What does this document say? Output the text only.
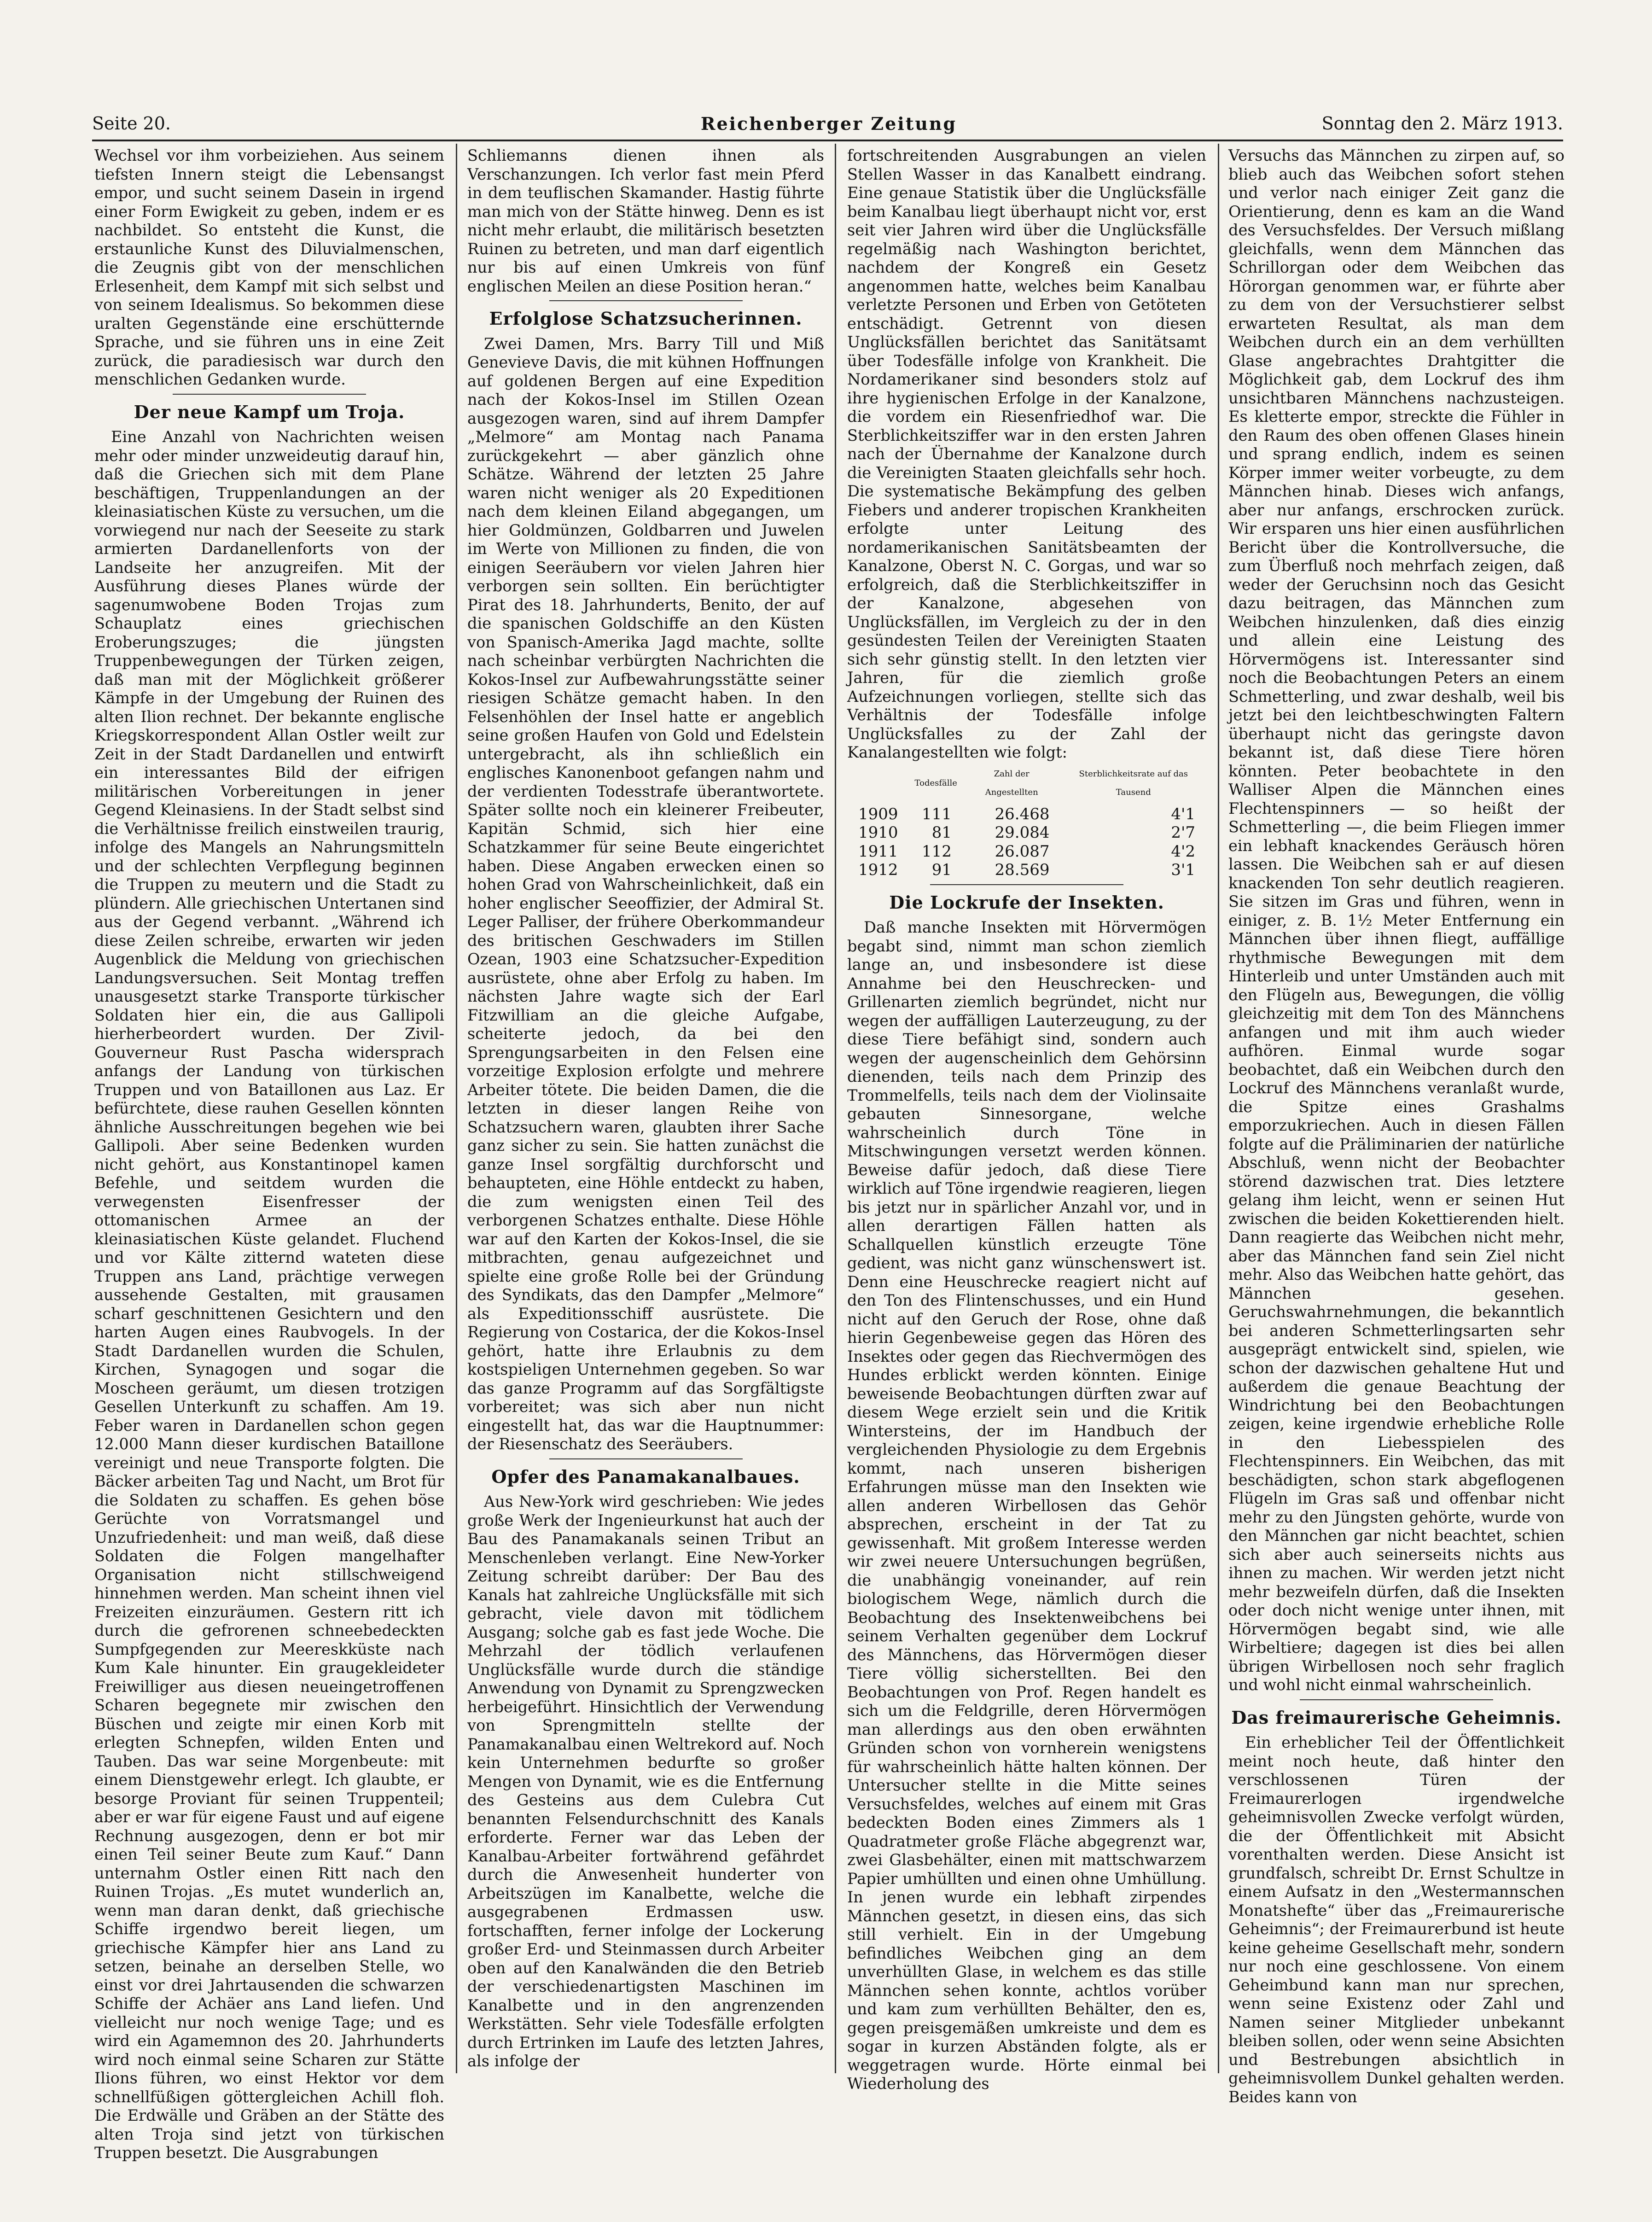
Seite 20.	Reichenberger Zeitung	Sonntag den 2. März 1913.

Wechsel vor ihm vorbeiziehen. Aus seinem tiefsten Innern steigt die Lebensangst empor, und sucht seinem Dasein in irgend einer Form Ewigkeit zu geben, indem er es nachbildet. So entsteht die Kunst, die erstaunliche Kunst des Diluvialmenschen, die Zeugnis gibt von der menschlichen Erlesenheit, dem Kampf mit sich selbst und von seinem Idealismus. So bekommen diese uralten Gegenstände eine erschütternde Sprache, und sie führen uns in eine Zeit zurück, die paradiesisch war durch den menschlichen Gedanken wurde.

Der neue Kampf um Troja.

Eine Anzahl von Nachrichten weisen mehr oder minder unzweideutig darauf hin, daß die Griechen sich mit dem Plane beschäftigen, Truppenlandungen an der kleinasiatischen Küste zu versuchen, um die vorwiegend nur nach der Seeseite zu stark armierten Dardanellenforts von der Landseite her anzugreifen. Mit der Ausführung dieses Planes würde der sagenumwobene Boden Trojas zum Schauplatz eines griechischen Eroberungszuges; die jüngsten Truppenbewegungen der Türken zeigen, daß man mit der Möglichkeit größerer Kämpfe in der Umgebung der Ruinen des alten Ilion rechnet. Der bekannte englische Kriegskorrespondent Allan Ostler weilt zur Zeit in der Stadt Dardanellen und entwirft ein interessantes Bild der eifrigen militärischen Vorbereitungen in jener Gegend Kleinasiens. In der Stadt selbst sind die Verhältnisse freilich einstweilen traurig, infolge des Mangels an Nahrungsmitteln und der schlechten Verpflegung beginnen die Truppen zu meutern und die Stadt zu plündern. Alle griechischen Untertanen sind aus der Gegend verbannt. „Während ich diese Zeilen schreibe, erwarten wir jeden Augenblick die Meldung von griechischen Landungsversuchen. Seit Montag treffen unausgesetzt starke Transporte türkischer Soldaten hier ein, die aus Gallipoli hierherbeordert wurden. Der Zivil-Gouverneur Rust Pascha widersprach anfangs der Landung von türkischen Truppen und von Bataillonen aus Laz. Er befürchtete, diese rauhen Gesellen könnten ähnliche Ausschreitungen begehen wie bei Gallipoli. Aber seine Bedenken wurden nicht gehört, aus Konstantinopel kamen Befehle, und seitdem wurden die verwegensten Eisenfresser der ottomanischen Armee an der kleinasiatischen Küste gelandet. Fluchend und vor Kälte zitternd wateten diese Truppen ans Land, prächtige verwegen aussehende Gestalten, mit grausamen scharf geschnittenen Gesichtern und den harten Augen eines Raubvogels. In der Stadt Dardanellen wurden die Schulen, Kirchen, Synagogen und sogar die Moscheen geräumt, um diesen trotzigen Gesellen Unterkunft zu schaffen. Am 19. Feber waren in Dardanellen schon gegen 12.000 Mann dieser kurdischen Bataillone vereinigt und neue Transporte folgten. Die Bäcker arbeiten Tag und Nacht, um Brot für die Soldaten zu schaffen. Es gehen böse Gerüchte von Vorratsmangel und Unzufriedenheit: und man weiß, daß diese Soldaten die Folgen mangelhafter Organisation nicht stillschweigend hinnehmen werden. Man scheint ihnen viel Freizeiten einzuräumen. Gestern ritt ich durch die gefrorenen schneebedeckten Sumpfgegenden zur Meereskküste nach Kum Kale hinunter. Ein graugekleideter Freiwilliger aus diesen neueingetroffenen Scharen begegnete mir zwischen den Büschen und zeigte mir einen Korb mit erlegten Schnepfen, wilden Enten und Tauben. Das war seine Morgenbeute: mit einem Dienstgewehr erlegt. Ich glaubte, er besorge Proviant für seinen Truppenteil; aber er war für eigene Faust und auf eigene Rechnung ausgezogen, denn er bot mir einen Teil seiner Beute zum Kauf.“ Dann unternahm Ostler einen Ritt nach den Ruinen Trojas. „Es mutet wunderlich an, wenn man daran denkt, daß griechische Schiffe irgendwo bereit liegen, um griechische Kämpfer hier ans Land zu setzen, beinahe an derselben Stelle, wo einst vor drei Jahrtausenden die schwarzen Schiffe der Achäer ans Land liefen. Und vielleicht nur noch wenige Tage; und es wird ein Agamemnon des 20. Jahrhunderts wird noch einmal seine Scharen zur Stätte Ilions führen, wo einst Hektor vor dem schnellfüßigen göttergleichen Achill floh. Die Erdwälle und Gräben an der Stätte des alten Troja sind jetzt von türkischen Truppen besetzt. Die Ausgrabungen

Schliemanns dienen ihnen als Verschanzungen. Ich verlor fast mein Pferd in dem teuflischen Skamander. Hastig führte man mich von der Stätte hinweg. Denn es ist nicht mehr erlaubt, die militärisch besetzten Ruinen zu betreten, und man darf eigentlich nur bis auf einen Umkreis von fünf englischen Meilen an diese Position heran.“

Erfolglose Schatzsucherinnen.

Zwei Damen, Mrs. Barry Till und Miß Genevieve Davis, die mit kühnen Hoffnungen auf goldenen Bergen auf eine Expedition nach der Kokos-Insel im Stillen Ozean ausgezogen waren, sind auf ihrem Dampfer „Melmore“ am Montag nach Panama zurückgekehrt — aber gänzlich ohne Schätze. Während der letzten 25 Jahre waren nicht weniger als 20 Expeditionen nach dem kleinen Eiland abgegangen, um hier Goldmünzen, Goldbarren und Juwelen im Werte von Millionen zu finden, die von einigen Seeräubern vor vielen Jahren hier verborgen sein sollten. Ein berüchtigter Pirat des 18. Jahrhunderts, Benito, der auf die spanischen Goldschiffe an den Küsten von Spanisch-Amerika Jagd machte, sollte nach scheinbar verbürgten Nachrichten die Kokos-Insel zur Aufbewahrungsstätte seiner riesigen Schätze gemacht haben. In den Felsenhöhlen der Insel hatte er angeblich seine großen Haufen von Gold und Edelstein untergebracht, als ihn schließlich ein englisches Kanonenboot gefangen nahm und der verdienten Todesstrafe überantwortete. Später sollte noch ein kleinerer Freibeuter, Kapitän Schmid, sich hier eine Schatzkammer für seine Beute eingerichtet haben. Diese Angaben erwecken einen so hohen Grad von Wahrscheinlichkeit, daß ein hoher englischer Seeoffizier, der Admiral St. Leger Palliser, der frühere Oberkommandeur des britischen Geschwaders im Stillen Ozean, 1903 eine Schatzsucher-Expedition ausrüstete, ohne aber Erfolg zu haben. Im nächsten Jahre wagte sich der Earl Fitzwilliam an die gleiche Aufgabe, scheiterte jedoch, da bei den Sprengungsarbeiten in den Felsen eine vorzeitige Explosion erfolgte und mehrere Arbeiter tötete. Die beiden Damen, die die letzten in dieser langen Reihe von Schatzsuchern waren, glaubten ihrer Sache ganz sicher zu sein. Sie hatten zunächst die ganze Insel sorgfältig durchforscht und behaupteten, eine Höhle entdeckt zu haben, die zum wenigsten einen Teil des verborgenen Schatzes enthalte. Diese Höhle war auf den Karten der Kokos-Insel, die sie mitbrachten, genau aufgezeichnet und spielte eine große Rolle bei der Gründung des Syndikats, das den Dampfer „Melmore“ als Expeditionsschiff ausrüstete. Die Regierung von Costarica, der die Kokos-Insel gehört, hatte ihre Erlaubnis zu dem kostspieligen Unternehmen gegeben. So war das ganze Programm auf das Sorgfältigste vorbereitet; was sich aber nun nicht eingestellt hat, das war die Hauptnummer: der Riesenschatz des Seeräubers.

Opfer des Panamakanalbaues.

Aus New-York wird geschrieben: Wie jedes große Werk der Ingenieurkunst hat auch der Bau des Panamakanals seinen Tribut an Menschenleben verlangt. Eine New-Yorker Zeitung schreibt darüber: Der Bau des Kanals hat zahlreiche Unglücksfälle mit sich gebracht, viele davon mit tödlichem Ausgang; solche gab es fast jede Woche. Die Mehrzahl der tödlich verlaufenen Unglücksfälle wurde durch die ständige Anwendung von Dynamit zu Sprengzwecken herbeigeführt. Hinsichtlich der Verwendung von Sprengmitteln stellte der Panamakanalbau einen Weltrekord auf. Noch kein Unternehmen bedurfte so großer Mengen von Dynamit, wie es die Entfernung des Gesteins aus dem Culebra Cut benannten Felsendurchschnitt des Kanals erforderte. Ferner war das Leben der Kanalbau-Arbeiter fortwährend gefährdet durch die Anwesenheit hunderter von Arbeitszügen im Kanalbette, welche die ausgegrabenen Erdmassen usw. fortschafften, ferner infolge der Lockerung großer Erd- und Steinmassen durch Arbeiter oben auf den Kanalwänden die den Betrieb der verschiedenartigsten Maschinen im Kanalbette und in den angrenzenden Werkstätten. Sehr viele Todesfälle erfolgten durch Ertrinken im Laufe des letzten Jahres, als infolge der

fortschreitenden Ausgrabungen an vielen Stellen Wasser in das Kanalbett eindrang. Eine genaue Statistik über die Unglücksfälle beim Kanalbau liegt überhaupt nicht vor, erst seit vier Jahren wird über die Unglücksfälle regelmäßig nach Washington berichtet, nachdem der Kongreß ein Gesetz angenommen hatte, welches beim Kanalbau verletzte Personen und Erben von Getöteten entschädigt. Getrennt von diesen Unglücksfällen berichtet das Sanitätsamt über Todesfälle infolge von Krankheit. Die Nordamerikaner sind besonders stolz auf ihre hygienischen Erfolge in der Kanalzone, die vordem ein Riesenfriedhof war. Die Sterblichkeitsziffer war in den ersten Jahren nach der Übernahme der Kanalzone durch die Vereinigten Staaten gleichfalls sehr hoch. Die systematische Bekämpfung des gelben Fiebers und anderer tropischen Krankheiten erfolgte unter Leitung des nordamerikanischen Sanitätsbeamten der Kanalzone, Oberst N. C. Gorgas, und war so erfolgreich, daß die Sterblichkeitsziffer in der Kanalzone, abgesehen von Unglücksfällen, im Vergleich zu der in den gesündesten Teilen der Vereinigten Staaten sich sehr günstig stellt. In den letzten vier Jahren, für die ziemlich große Aufzeichnungen vorliegen, stellte sich das Verhältnis der Todesfälle infolge Unglücksfalles zu der Zahl der Kanalangestellten wie folgt:

	Todesfälle	Zahl der Angestellten	Sterblichkeitsrate auf das Tausend
1909	111	26.468	4'1
1910	81	29.084	2'7
1911	112	26.087	4'2
1912	91	28.569	3'1
Die Lockrufe der Insekten.

Daß manche Insekten mit Hörvermögen begabt sind, nimmt man schon ziemlich lange an, und insbesondere ist diese Annahme bei den Heuschrecken- und Grillenarten ziemlich begründet, nicht nur wegen der auffälligen Lauterzeugung, zu der diese Tiere befähigt sind, sondern auch wegen der augenscheinlich dem Gehörsinn dienenden, teils nach dem Prinzip des Trommelfells, teils nach dem der Violinsaite gebauten Sinnesorgane, welche wahrscheinlich durch Töne in Mitschwingungen versetzt werden können. Beweise dafür jedoch, daß diese Tiere wirklich auf Töne irgendwie reagieren, liegen bis jetzt nur in spärlicher Anzahl vor, und in allen derartigen Fällen hatten als Schallquellen künstlich erzeugte Töne gedient, was nicht ganz wünschenswert ist. Denn eine Heuschrecke reagiert nicht auf den Ton des Flintenschusses, und ein Hund nicht auf den Geruch der Rose, ohne daß hierin Gegenbeweise gegen das Hören des Insektes oder gegen das Riechvermögen des Hundes erblickt werden könnten. Einige beweisende Beobachtungen dürften zwar auf diesem Wege erzielt sein und die Kritik Wintersteins, der im Handbuch der vergleichenden Physiologie zu dem Ergebnis kommt, nach unseren bisherigen Erfahrungen müsse man den Insekten wie allen anderen Wirbellosen das Gehör absprechen, erscheint in der Tat zu gewissenhaft. Mit großem Interesse werden wir zwei neuere Untersuchungen begrüßen, die unabhängig voneinander, auf rein biologischem Wege, nämlich durch die Beobachtung des Insektenweibchens bei seinem Verhalten gegenüber dem Lockruf des Männchens, das Hörvermögen dieser Tiere völlig sicherstellten. Bei den Beobachtungen von Prof. Regen handelt es sich um die Feldgrille, deren Hörvermögen man allerdings aus den oben erwähnten Gründen schon von vornherein wenigstens für wahrscheinlich hätte halten können. Der Untersucher stellte in die Mitte seines Versuchsfeldes, welches auf einem mit Gras bedeckten Boden eines Zimmers als 1 Quadratmeter große Fläche abgegrenzt war, zwei Glasbehälter, einen mit mattschwarzem Papier umhüllten und einen ohne Umhüllung. In jenen wurde ein lebhaft zirpendes Männchen gesetzt, in diesen eins, das sich still verhielt. Ein in der Umgebung befindliches Weibchen ging an dem unverhüllten Glase, in welchem es das stille Männchen sehen konnte, achtlos vorüber und kam zum verhüllten Behälter, den es, gegen preisgemäßen umkreiste und dem es sogar in kurzen Abständen folgte, als er weggetragen wurde. Hörte einmal bei Wiederholung des

Versuchs das Männchen zu zirpen auf, so blieb auch das Weibchen sofort stehen und verlor nach einiger Zeit ganz die Orientierung, denn es kam an die Wand des Versuchsfeldes. Der Versuch mißlang gleichfalls, wenn dem Männchen das Schrillorgan oder dem Weibchen das Hörorgan genommen war, er führte aber zu dem von der Versuchstierer selbst erwarteten Resultat, als man dem Weibchen durch ein an dem verhüllten Glase angebrachtes Drahtgitter die Möglichkeit gab, dem Lockruf des ihm unsichtbaren Männchens nachzusteigen. Es kletterte empor, streckte die Fühler in den Raum des oben offenen Glases hinein und sprang endlich, indem es seinen Körper immer weiter vorbeugte, zu dem Männchen hinab. Dieses wich anfangs, aber nur anfangs, erschrocken zurück. Wir ersparen uns hier einen ausführlichen Bericht über die Kontrollversuche, die zum Überfluß noch mehrfach zeigen, daß weder der Geruchsinn noch das Gesicht dazu beitragen, das Männchen zum Weibchen hinzulenken, daß dies einzig und allein eine Leistung des Hörvermögens ist. Interessanter sind noch die Beobachtungen Peters an einem Schmetterling, und zwar deshalb, weil bis jetzt bei den leichtbeschwingten Faltern überhaupt nicht das geringste davon bekannt ist, daß diese Tiere hören könnten. Peter beobachtete in den Walliser Alpen die Männchen eines Flechtenspinners — so heißt der Schmetterling —, die beim Fliegen immer ein lebhaft knackendes Geräusch hören lassen. Die Weibchen sah er auf diesen knackenden Ton sehr deutlich reagieren. Sie sitzen im Gras und führen, wenn in einiger, z. B. 1½ Meter Entfernung ein Männchen über ihnen fliegt, auffällige rhythmische Bewegungen mit dem Hinterleib und unter Umständen auch mit den Flügeln aus, Bewegungen, die völlig gleichzeitig mit dem Ton des Männchens anfangen und mit ihm auch wieder aufhören. Einmal wurde sogar beobachtet, daß ein Weibchen durch den Lockruf des Männchens veranlaßt wurde, die Spitze eines Grashalms emporzukriechen. Auch in diesen Fällen folgte auf die Präliminarien der natürliche Abschluß, wenn nicht der Beobachter störend dazwischen trat. Dies letztere gelang ihm leicht, wenn er seinen Hut zwischen die beiden Kokettierenden hielt. Dann reagierte das Weibchen nicht mehr, aber das Männchen fand sein Ziel nicht mehr. Also das Weibchen hatte gehört, das Männchen gesehen. Geruchswahrnehmungen, die bekanntlich bei anderen Schmetterlingsarten sehr ausgeprägt entwickelt sind, spielen, wie schon der dazwischen gehaltene Hut und außerdem die genaue Beachtung der Windrichtung bei den Beobachtungen zeigen, keine irgendwie erhebliche Rolle in den Liebesspielen des Flechtenspinners. Ein Weibchen, das mit beschädigten, schon stark abgeflogenen Flügeln im Gras saß und offenbar nicht mehr zu den Jüngsten gehörte, wurde von den Männchen gar nicht beachtet, schien sich aber auch seinerseits nichts aus ihnen zu machen. Wir werden jetzt nicht mehr bezweifeln dürfen, daß die Insekten oder doch nicht wenige unter ihnen, mit Hörvermögen begabt sind, wie alle Wirbeltiere; dagegen ist dies bei allen übrigen Wirbellosen noch sehr fraglich und wohl nicht einmal wahrscheinlich.

Das freimaurerische Geheimnis.

Ein erheblicher Teil der Öffentlichkeit meint noch heute, daß hinter den verschlossenen Türen der Freimaurerlogen irgendwelche geheimnisvollen Zwecke verfolgt würden, die der Öffentlichkeit mit Absicht vorenthalten werden. Diese Ansicht ist grundfalsch, schreibt Dr. Ernst Schultze in einem Aufsatz in den „Westermannschen Monatshefte“ über das „Freimaurerische Geheimnis“; der Freimaurerbund ist heute keine geheime Gesellschaft mehr, sondern nur noch eine geschlossene. Von einem Geheimbund kann man nur sprechen, wenn seine Existenz oder Zahl und Namen seiner Mitglieder unbekannt bleiben sollen, oder wenn seine Absichten und Bestrebungen absichtlich in geheimnisvollem Dunkel gehalten werden. Beides kann von
